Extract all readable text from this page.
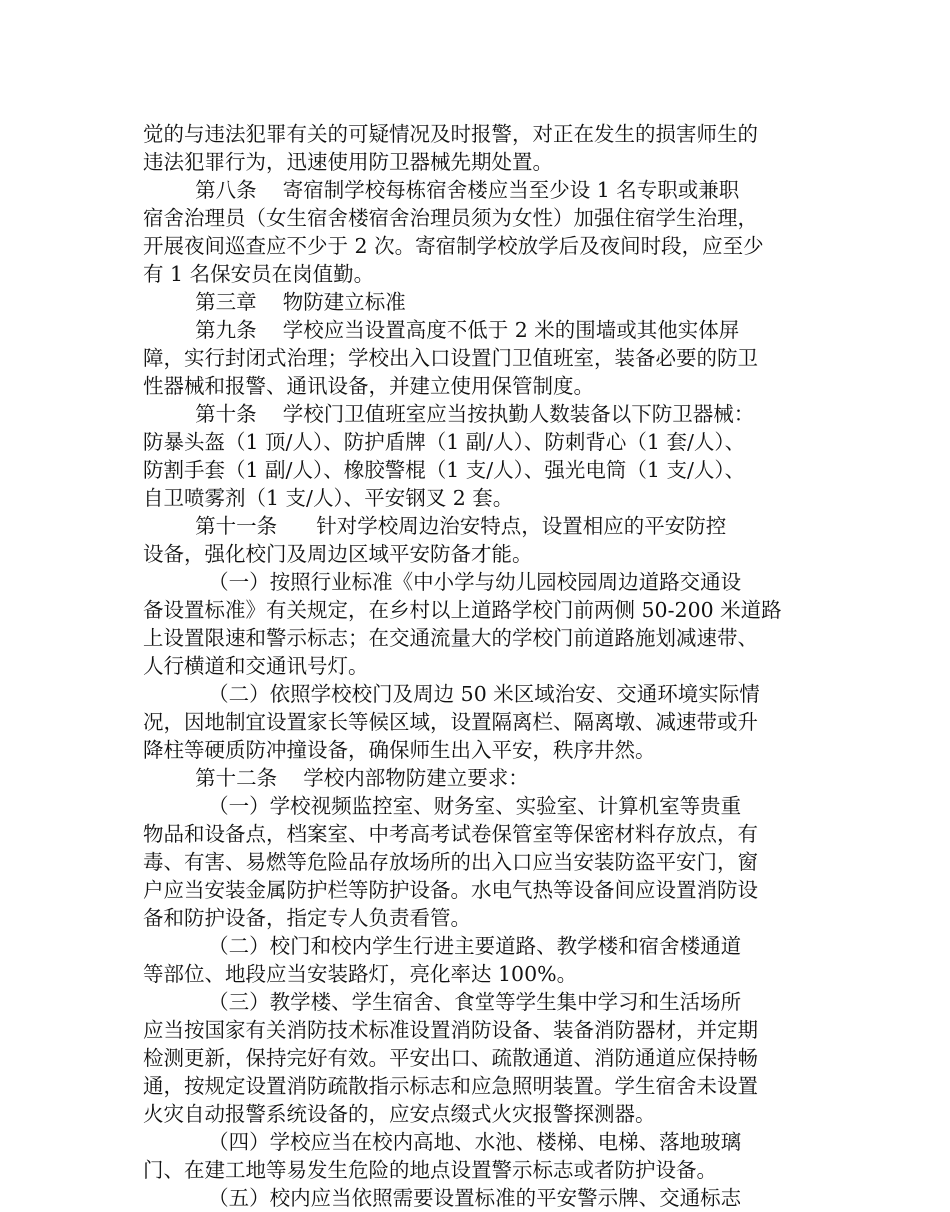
觉的与违法犯罪有关的可疑情况及时报警，对正在发生的损害师生的
违法犯罪行为，迅速使用防卫器械先期处置。
第八条    寄宿制学校每栋宿舍楼应当至少设 1 名专职或兼职
宿舍治理员（女生宿舍楼宿舍治理员须为女性）加强住宿学生治理，
开展夜间巡查应不少于 2 次。寄宿制学校放学后及夜间时段，应至少
有 1 名保安员在岗值勤。
第三章    物防建立标准
第九条    学校应当设置高度不低于 2 米的围墙或其他实体屏
障，实行封闭式治理；学校出入口设置门卫值班室，装备必要的防卫
性器械和报警、通讯设备，并建立使用保管制度。
第十条    学校门卫值班室应当按执勤人数装备以下防卫器械：
防暴头盔（1 顶/人）、防护盾牌（1 副/人）、防刺背心（1 套/人）、
防割手套（1 副/人）、橡胶警棍（1 支/人）、强光电筒（1 支/人）、
自卫喷雾剂（1 支/人）、平安钢叉 2 套。
第十一条      针对学校周边治安特点，设置相应的平安防控
设备，强化校门及周边区域平安防备才能。
（一）按照行业标准《中小学与幼儿园校园周边道路交通设
备设置标准》有关规定，在乡村以上道路学校门前两侧 50-200 米道路
上设置限速和警示标志；在交通流量大的学校门前道路施划减速带、
人行横道和交通讯号灯。
（二）依照学校校门及周边 50 米区域治安、交通环境实际情
况，因地制宜设置家长等候区域，设置隔离栏、隔离墩、减速带或升
降柱等硬质防冲撞设备，确保师生出入平安，秩序井然。
第十二条    学校内部物防建立要求：
（一）学校视频监控室、财务室、实验室、计算机室等贵重
物品和设备点，档案室、中考高考试卷保管室等保密材料存放点，有
毒、有害、易燃等危险品存放场所的出入口应当安装防盗平安门，窗
户应当安装金属防护栏等防护设备。水电气热等设备间应设置消防设
备和防护设备，指定专人负责看管。
（二）校门和校内学生行进主要道路、教学楼和宿舍楼通道
等部位、地段应当安装路灯，亮化率达 100%。
（三）教学楼、学生宿舍、食堂等学生集中学习和生活场所
应当按国家有关消防技术标准设置消防设备、装备消防器材，并定期
检测更新，保持完好有效。平安出口、疏散通道、消防通道应保持畅
通，按规定设置消防疏散指示标志和应急照明装置。学生宿舍未设置
火灾自动报警系统设备的，应安点缀式火灾报警探测器。
（四）学校应当在校内高地、水池、楼梯、电梯、落地玻璃
门、在建工地等易发生危险的地点设置警示标志或者防护设备。
（五）校内应当依照需要设置标准的平安警示牌、交通标志
